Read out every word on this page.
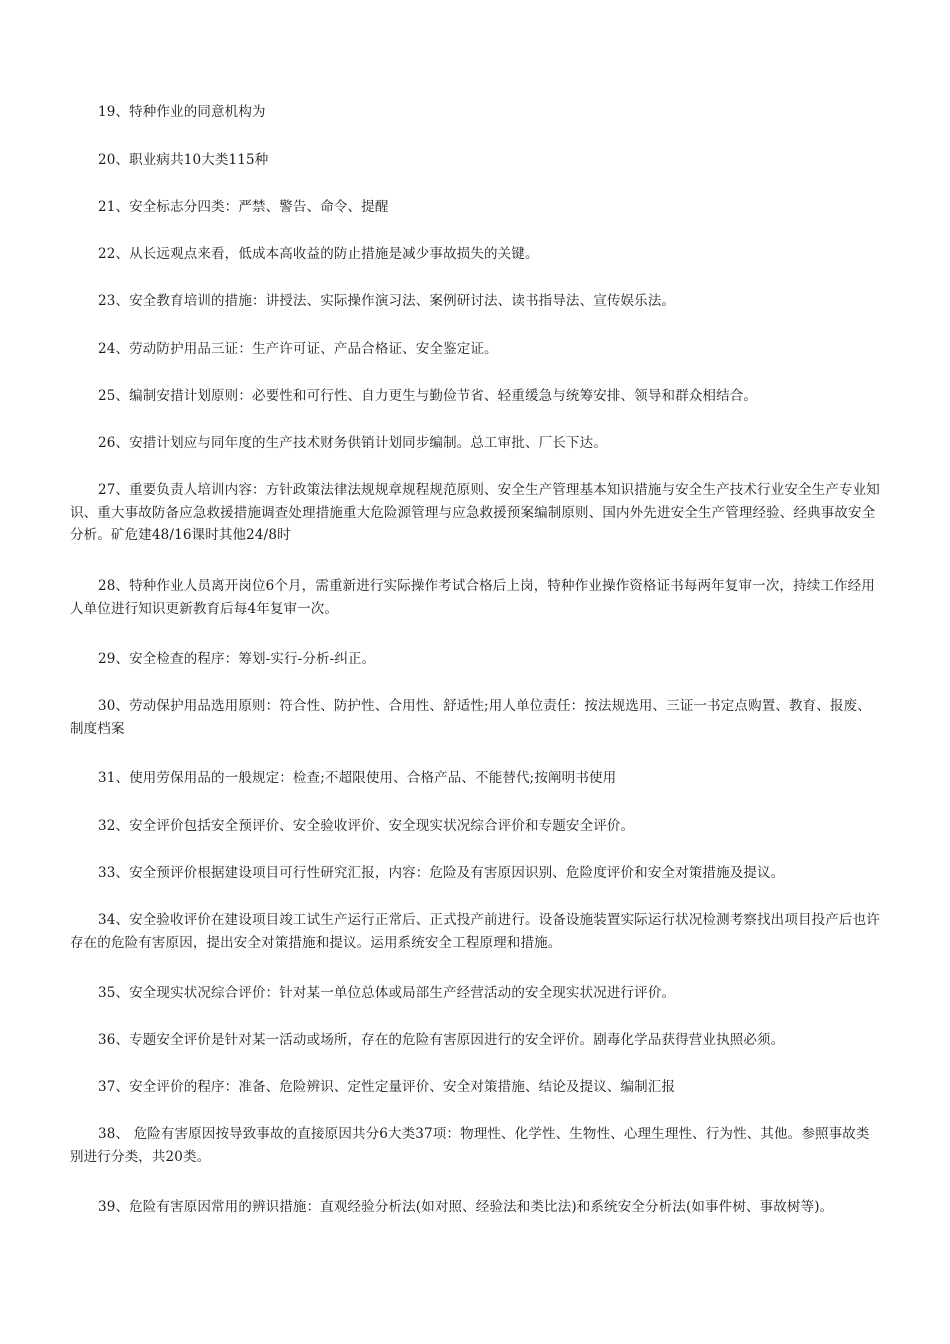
19、特种作业的同意机构为

20、职业病共10大类115种

21、安全标志分四类：严禁、警告、命令、提醒

22、从长远观点来看，低成本高收益的防止措施是减少事故损失的关键。

23、安全教育培训的措施：讲授法、实际操作演习法、案例研讨法、读书指导法、宣传娱乐法。

24、劳动防护用品三证：生产许可证、产品合格证、安全鉴定证。

25、编制安措计划原则：必要性和可行性、自力更生与勤俭节省、轻重缓急与统筹安排、领导和群众相结合。

26、安措计划应与同年度的生产技术财务供销计划同步编制。总工审批、厂长下达。

27、重要负责人培训内容：方针政策法律法规规章规程规范原则、安全生产管理基本知识措施与安全生产技术行业安全生产专业知识、重大事故防备应急救援措施调查处理措施重大危险源管理与应急救援预案编制原则、国内外先进安全生产管理经验、经典事故安全分析。矿危建48/16课时其他24/8时

28、特种作业人员离开岗位6个月，需重新进行实际操作考试合格后上岗，特种作业操作资格证书每两年复审一次，持续工作经用人单位进行知识更新教育后每4年复审一次。

29、安全检查的程序：筹划-实行-分析-纠正。

30、劳动保护用品选用原则：符合性、防护性、合用性、舒适性;用人单位责任：按法规选用、三证一书定点购置、教育、报废、制度档案

31、使用劳保用品的一般规定：检查;不超限使用、合格产品、不能替代;按阐明书使用

32、安全评价包括安全预评价、安全验收评价、安全现实状况综合评价和专题安全评价。

33、安全预评价根据建设项目可行性研究汇报，内容：危险及有害原因识别、危险度评价和安全对策措施及提议。

34、安全验收评价在建设项目竣工试生产运行正常后、正式投产前进行。设备设施装置实际运行状况检测考察找出项目投产后也许存在的危险有害原因，提出安全对策措施和提议。运用系统安全工程原理和措施。

35、安全现实状况综合评价：针对某一单位总体或局部生产经营活动的安全现实状况进行评价。

36、专题安全评价是针对某一活动或场所，存在的危险有害原因进行的安全评价。剧毒化学品获得营业执照必须。

37、安全评价的程序：准备、危险辨识、定性定量评价、安全对策措施、结论及提议、编制汇报

38、 危险有害原因按导致事故的直接原因共分6大类37项：物理性、化学性、生物性、心理生理性、行为性、其他。参照事故类别进行分类，共20类。

39、危险有害原因常用的辨识措施：直观经验分析法(如对照、经验法和类比法)和系统安全分析法(如事件树、事故树等)。
